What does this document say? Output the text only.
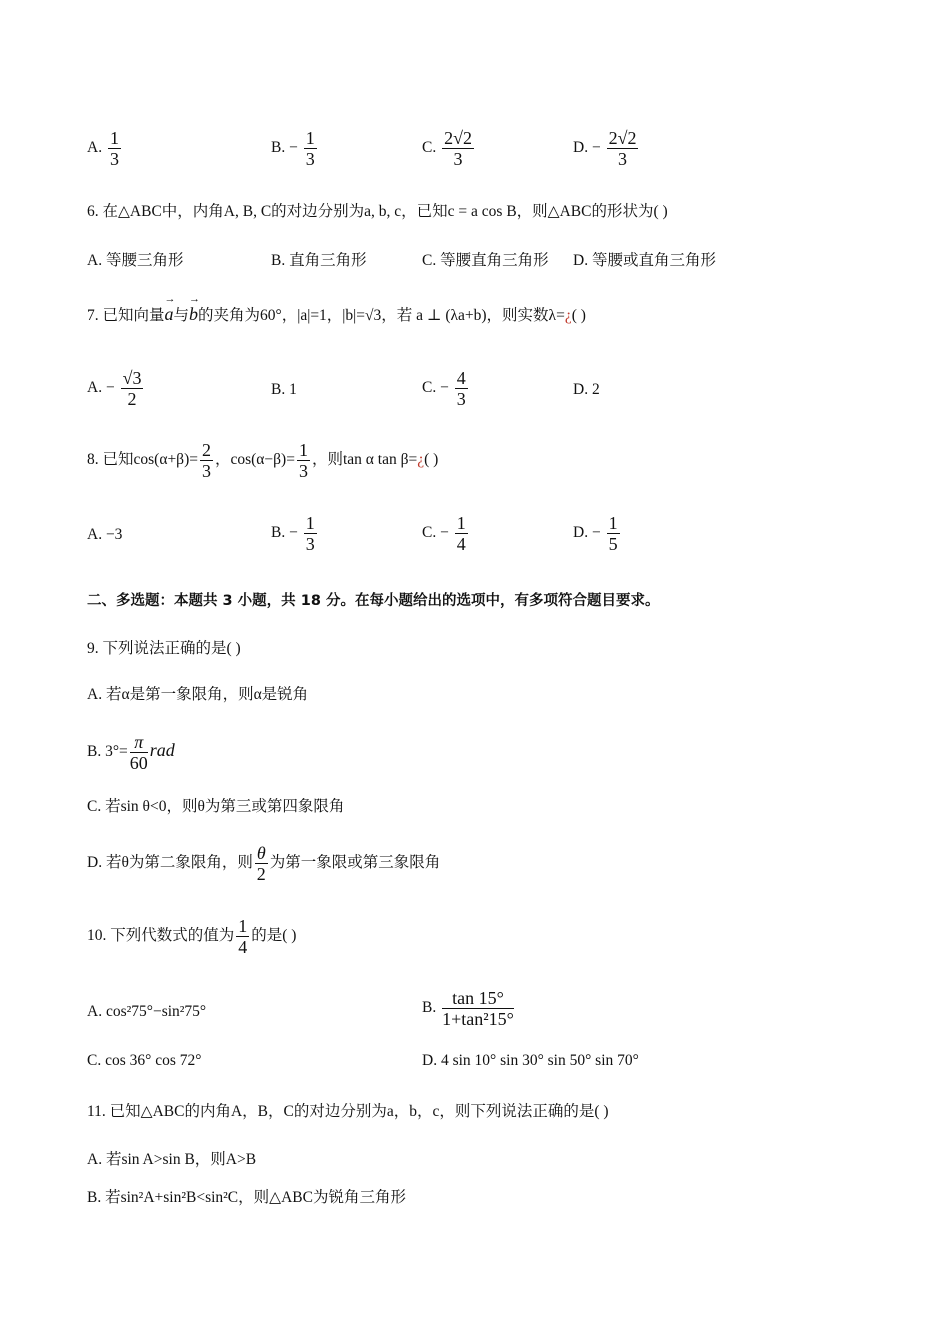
A. $\frac{1}{3}$	B. − $\frac{1}{3}$	C. $\frac{2√2}{3}$	D. − $\frac{2√2}{3}$
6. 在△ABC中，内角A, B, C的对边分别为a, b, c，已知c = a cos B，则△ABC的形状为( )
A. 等腰三角形	B. 直角三角形	C. 等腰直角三角形 D. 等腰或直角三角形
7. 已知向量→ a与→ b的夹角为60°，|a|=1，|b|=√3，若 a ⊥ (λa+b)，则实数λ=¿( )
A. − $\frac{√3}{2}$	B. 1	C. − $\frac{4}{3}$	D. 2
8. 已知$\cos(\alpha+\beta)= \frac{2}{3}$ ，$\cos(\alpha-\beta)= \frac{1}{3}$ ，则tan α tan β=¿( )
A. −3	B. − $\frac{1}{3}$	C. − $\frac{1}{4}$	D. − $\frac{1}{5}$
二、多选题：本题共 3 小题，共 18 分。在每小题给出的选项中，有多项符合题目要求。
9. 下列说法正确的是( )
A. 若α是第一象限角，则α是锐角
B. $3^\circ= \frac{\pi}{60}$ rad
C. 若sin θ<0，则θ为第三或第四象限角
D. 若θ为第二象限角，则 $\frac{\theta}{2}$ 为第一象限或第三象限角
10. 下列代数式的值为 $\frac{1}{4}$ 的是( )
A. cos²75°−sin²75°	B. $\frac{\tan 15^\circ}{\text{1+tan²15°}}$
C. cos 36° cos 72°	D. 4 sin 10° sin 30° sin 50° sin 70°
11. 已知△ABC的内角A，B，C的对边分别为a，b，c，则下列说法正确的是( )
A. 若sin A>sin B，则A>B
B. 若sin²A+sin²B<sin²C，则△ABC为锐角三角形
